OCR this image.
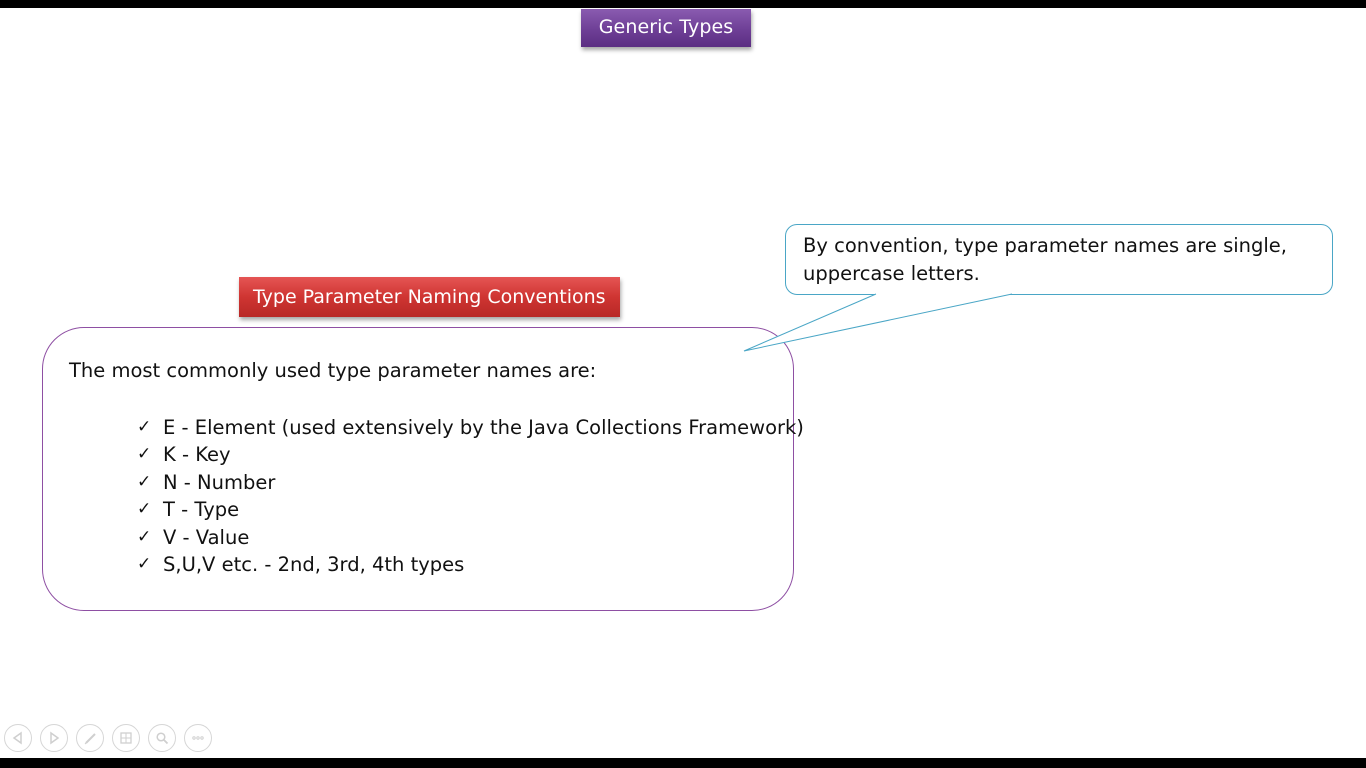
Generic Types
Type Parameter Naming Conventions
The most commonly used type parameter names are:
✓ E - Element (used extensively by the Java Collections Framework)
✓ K - Key
✓ N - Number
✓ T - Type
✓ V - Value
✓ S,U,V etc. - 2nd, 3rd, 4th types
By convention, type parameter names are single, uppercase letters.
